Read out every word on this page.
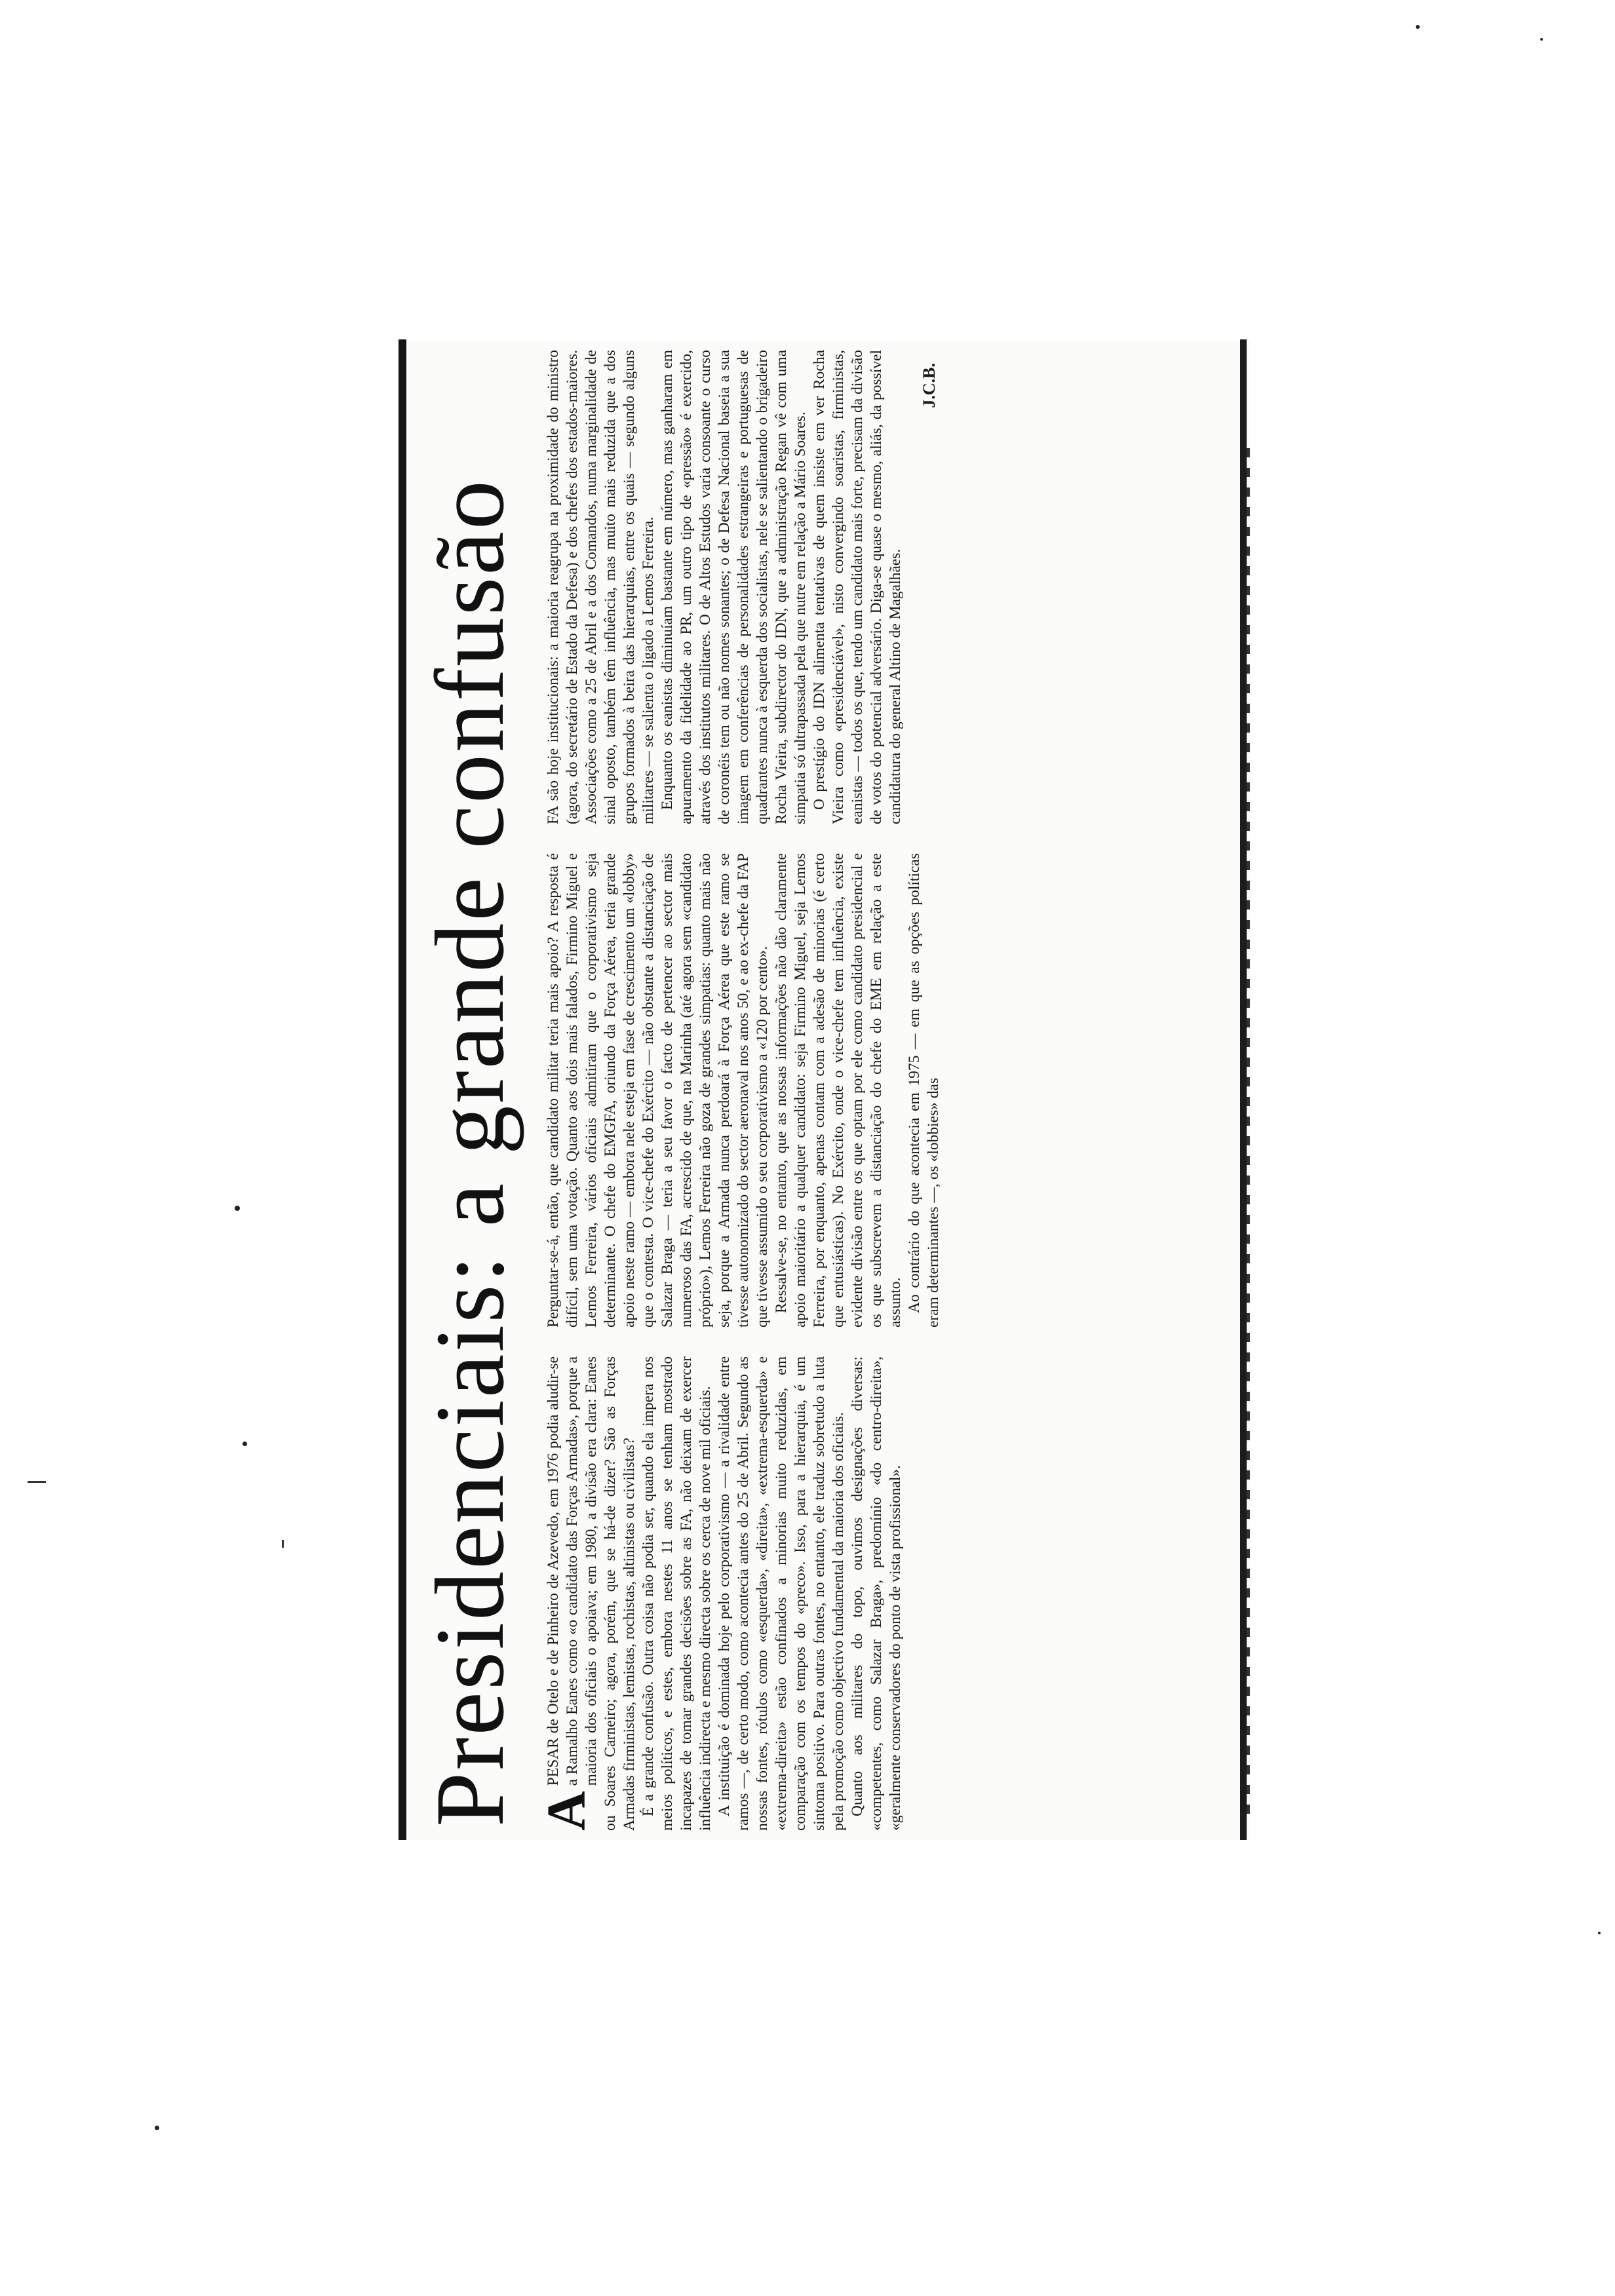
Presidenciais: a grande confusão A
PESAR de Otelo e de Pinheiro de Azevedo, em 1976 podia aludir-se a Ramalho Eanes como «o candidato das Forças Armadas», porque a maioria dos oficiais o apoiava; em 1980, a divisão era clara: Eanes ou Soares Carneiro; agora, porém, que se há-de dizer? São as Forças Armadas firministas, lemistas, rochistas, altinistas ou civilistas? É a grande confusão. Outra coisa não podia ser, quando ela impera nos meios políticos, e estes, embora nestes 11 anos se tenham mostrado incapazes de tomar grandes decisões sobre as FA, não deixam de exercer influência indirecta e mesmo directa sobre os cerca de nove mil oficiais. A instituição é dominada hoje pelo corporativismo — a rivalidade entre ramos —, de certo modo, como acontecia antes do 25 de Abril. Segundo as nossas fontes, rótulos como «esquerda», «direita», «extrema-esquerda» e «extrema-direita» estão confinados a minorias muito reduzidas, em comparação com os tempos do «preco». Isso, para a hierarquia, é um sintoma positivo. Para outras fontes, no entanto, ele traduz sobretudo a luta pela promoção como objectivo fundamental da maioria dos oficiais. Quanto aos militares do topo, ouvimos designações diversas: «competentes, como Salazar Braga», predomínio «do centro-direita», «geralmente conservadores do ponto de vista profissional».

Perguntar-se-á, então, que candidato militar teria mais apoio? A resposta é difícil, sem uma votação. Quanto aos dois mais falados, Firmino Miguel e Lemos Ferreira, vários oficiais admitiram que o corporativismo seja determinante. O chefe do EMGFA, oriundo da Força Aérea, teria grande apoio neste ramo — embora nele esteja em fase de crescimento um «lobby» que o contesta. O vice-chefe do Exército — não obstante a distanciação de Salazar Braga — teria a seu favor o facto de pertencer ao sector mais numeroso das FA, acrescido de que, na Marinha (até agora sem «candidato próprio»), Lemos Ferreira não goza de grandes simpatias: quanto mais não seja, porque a Armada nunca perdoará à Força Aérea que este ramo se tivesse autonomizado do sector aeronaval nos anos 50, e ao ex-chefe da FAP que tivesse assumido o seu corporativismo a «120 por cento». Ressalve-se, no entanto, que as nossas informações não dão claramente apoio maioritário a qualquer candidato: seja Firmino Miguel, seja Lemos Ferreira, por enquanto, apenas contam com a adesão de minorias (é certo que entusiásticas). No Exército, onde o vice-chefe tem influência, existe evidente divisão entre os que optam por ele como candidato presidencial e os que subscrevem a distanciação do chefe do EME em relação a este assunto. Ao contrário do que acontecia em 1975 — em que as opções políticas eram determinantes —, os «lobbies» das

FA são hoje institucionais: a maioria reagrupa na proximidade do ministro (agora, do secretário de Estado da Defesa) e dos chefes dos estados-maiores. Associações como a 25 de Abril e a dos Comandos, numa marginalidade de sinal oposto, também têm influência, mas muito mais reduzida que a dos grupos formados à beira das hierarquias, entre os quais — segundo alguns militares — se salienta o ligado a Lemos Ferreira. Enquanto os eanistas diminuíam bastante em número, mas ganharam em apuramento da fidelidade ao PR, um outro tipo de «pressão» é exercido, através dos institutos militares. O de Altos Estudos varia consoante o curso de coronéis tem ou não nomes sonantes; o de Defesa Nacional baseia a sua imagem em conferências de personalidades estrangeiras e portuguesas de quadrantes nunca à esquerda dos socialistas, nele se salientando o brigadeiro Rocha Vieira, subdirector do IDN, que a administração Regan vê com uma simpatia só ultrapassada pela que nutre em relação a Mário Soares. O prestígio do IDN alimenta tentativas de quem insiste em ver Rocha Vieira como «presidenciável», nisto convergindo soaristas, firministas, eanistas — todos os que, tendo um candidato mais forte, precisam da divisão de votos do potencial adversário. Diga-se quase o mesmo, aliás, da possível candidatura do general Altino de Magalhães.

J.C.B.
